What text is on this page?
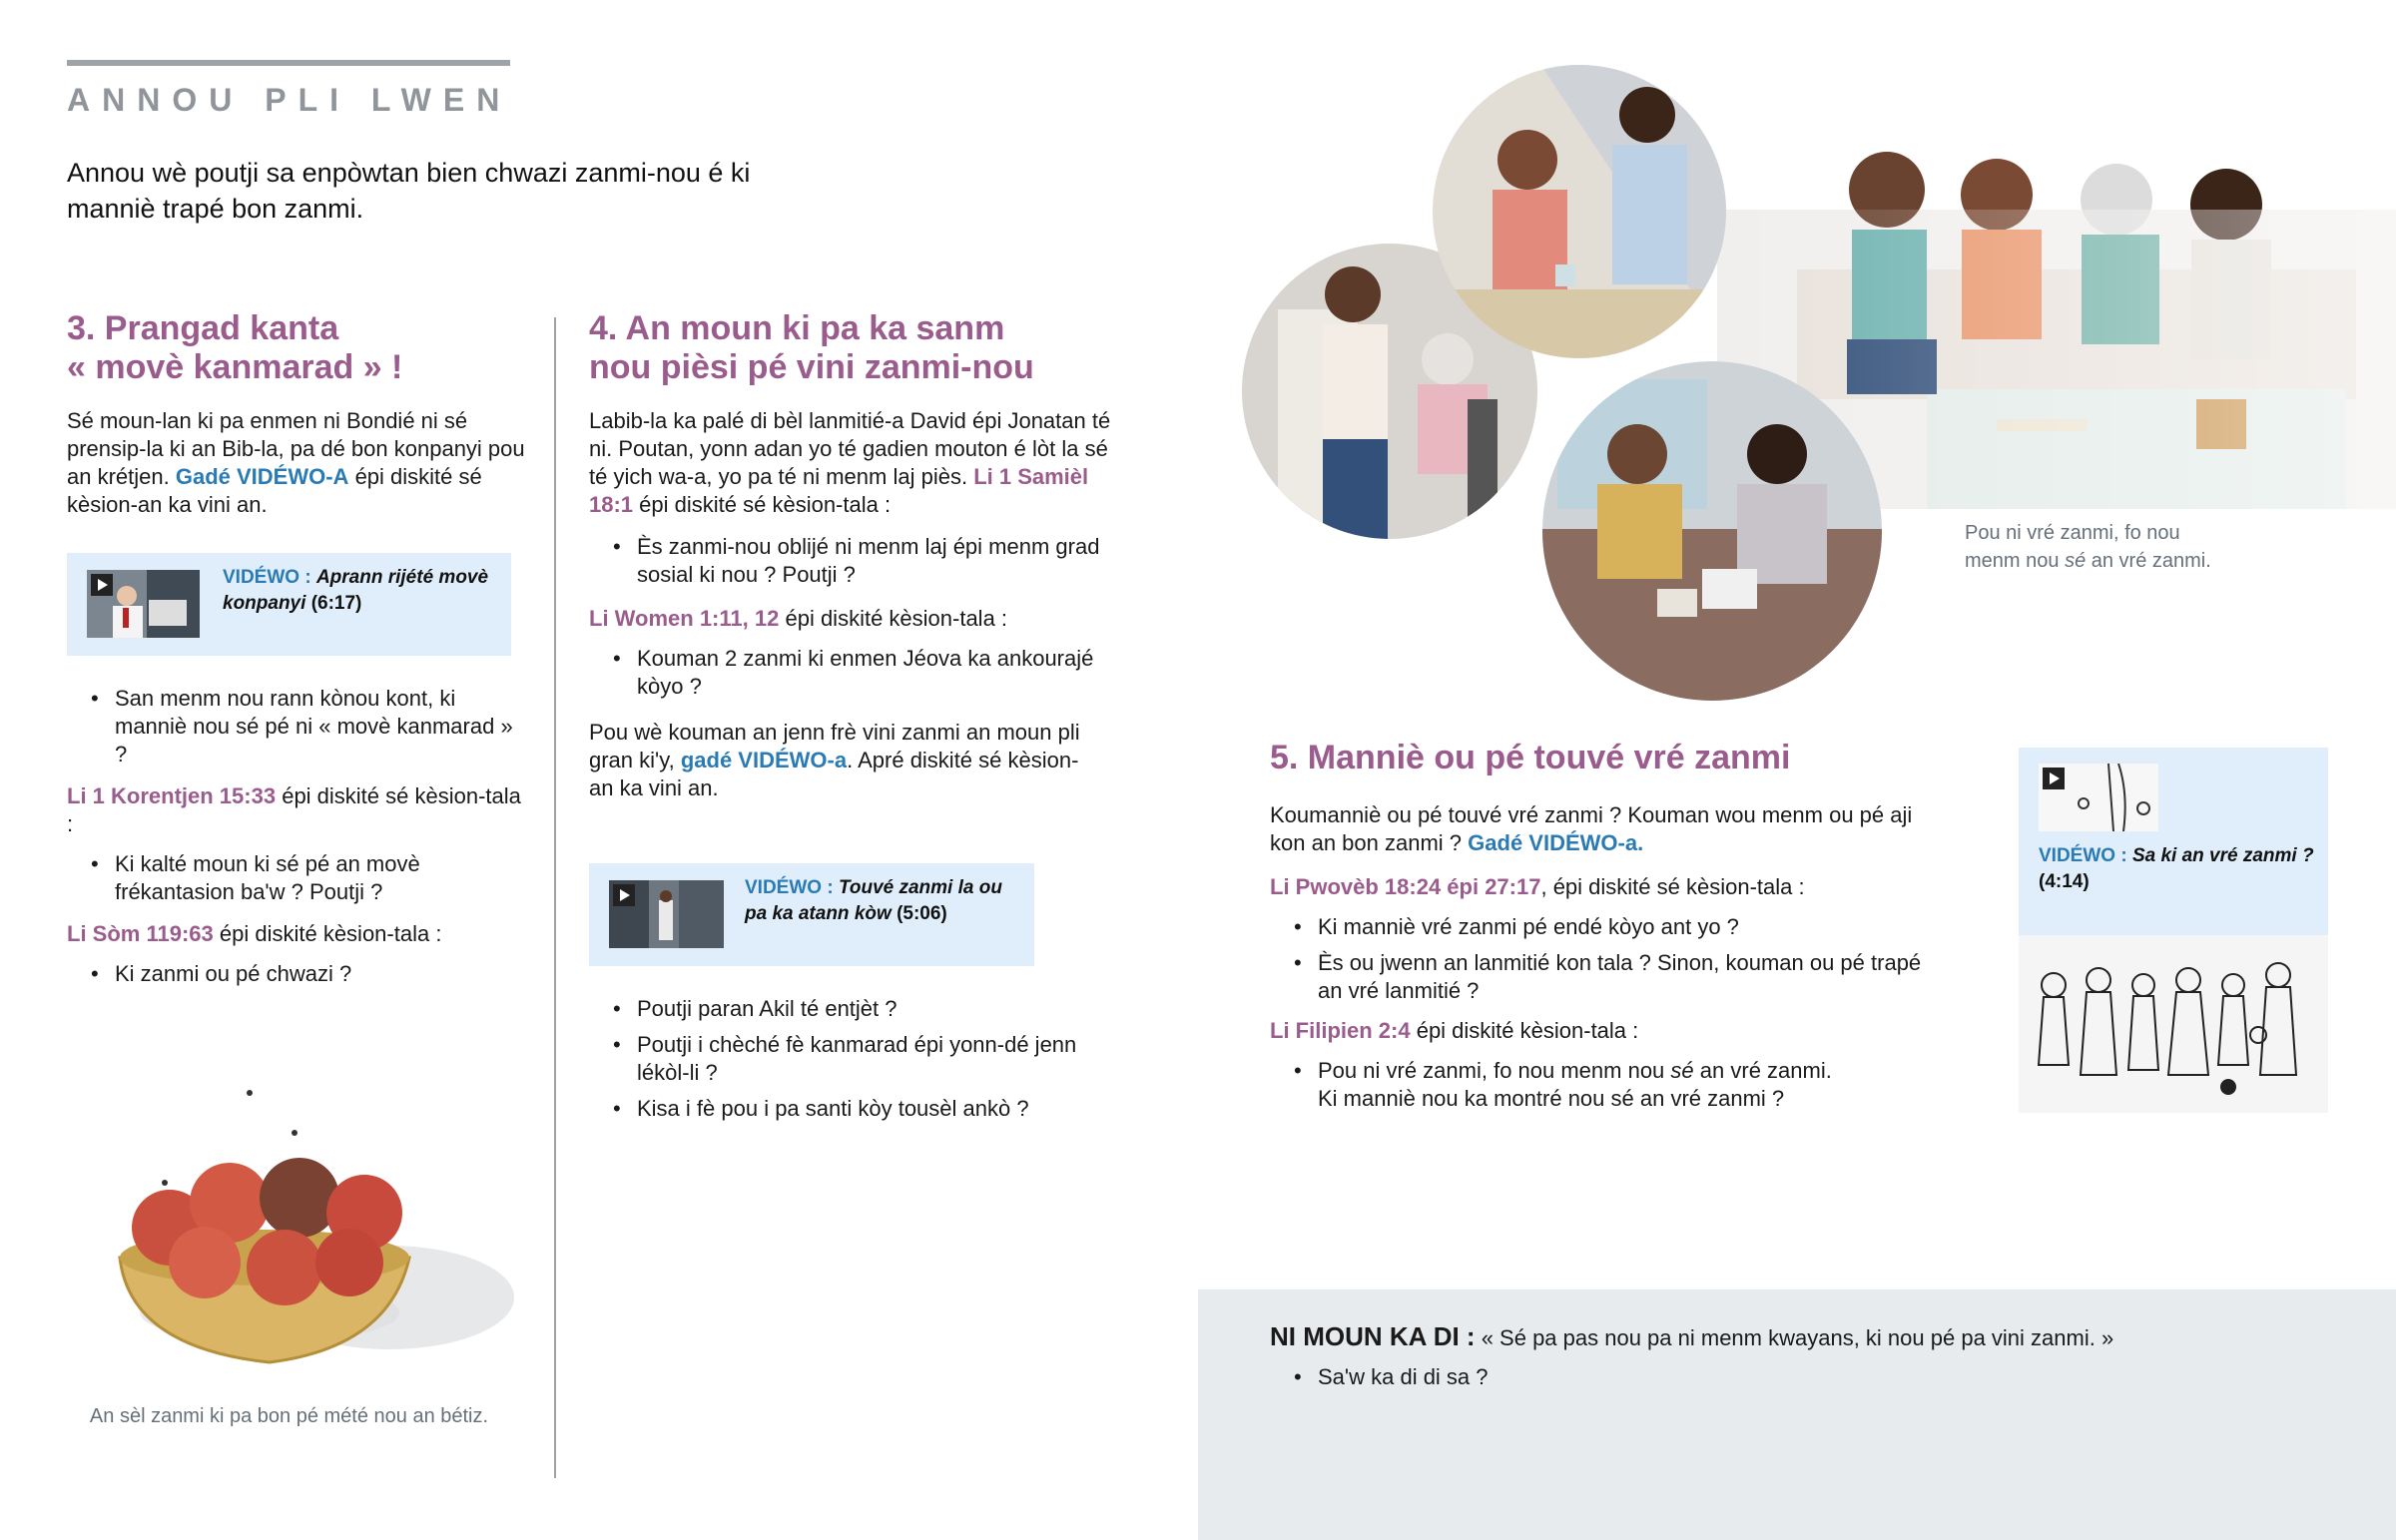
ANNOU PLI LWEN
Annou wè poutji sa enpòwtan bien chwazi zanmi-nou é ki manniè trapé bon zanmi.
3. Prangad kanta
« movè kanmarad » !

Sé moun-lan ki pa enmen ni Bondié ni sé prensip-la ki an Bib-la, pa dé bon konpanyi pou an krétjen. Gadé VIDÉWO-A épi diskité sé kèsion-an ka vini an.

VIDÉWO : Aprann rijété movè konpanyi (6:17)
• San menm nou rann kònou kont, ki manniè nou sé pé ni « movè kanmarad » ?

Li 1 Korentjen 15:33 épi diskité sé kèsion-tala :

• Ki kalté moun ki sé pé an movè frékantasion ba'w ? Poutji ?

Li Sòm 119:63 épi diskité kèsion-tala :

• Ki zanmi ou pé chwazi ?
An sèl zanmi ki pa bon pé mété nou an bétiz.
4. An moun ki pa ka sanm
nou pièsi pé vini zanmi-nou

Labib-la ka palé di bèl lanmitié-a David épi Jonatan té ni. Poutan, yonn adan yo té gadien mouton é lòt la sé té yich wa-a, yo pa té ni menm laj piès. Li 1 Samièl 18:1 épi diskité sé kèsion-tala :

• Ès zanmi-nou oblijé ni menm laj épi menm grad sosial ki nou ? Poutji ?

Li Women 1:11, 12 épi diskité kèsion-tala :

• Kouman 2 zanmi ki enmen Jéova ka ankourajé kòyo ?

Pou wè kouman an jenn frè vini zanmi an moun pli gran ki'y, gadé VIDÉWO-a. Apré diskité sé kèsion-an ka vini an.

VIDÉWO : Touvé zanmi la ou pa ka atann kòw (5:06)
• Poutji paran Akil té entjèt ?
• Poutji i chèché fè kanmarad épi yonn-dé jenn lékòl-li ?
• Kisa i fè pou i pa santi kòy tousèl ankò ?
Pou ni vré zanmi, fo nou
menm nou sé an vré zanmi.
5. Manniè ou pé touvé vré zanmi

Koumanniè ou pé touvé vré zanmi ? Kouman wou menm ou pé aji kon an bon zanmi ? Gadé VIDÉWO-a.

Li Pwovèb 18:24 épi 27:17, épi diskité sé kèsion-tala :

• Ki manniè vré zanmi pé endé kòyo ant yo ?
• Ès ou jwenn an lanmitié kon tala ? Sinon, kouman ou pé trapé an vré lanmitié ?

Li Filipien 2:4 épi diskité kèsion-tala :

• Pou ni vré zanmi, fo nou menm nou sé an vré zanmi.
Ki manniè nou ka montré nou sé an vré zanmi ?
VIDÉWO : Sa ki an vré zanmi ? (4:14)
NI MOUN KA DI : « Sé pa pas nou pa ni menm kwayans, ki nou pé pa vini zanmi. »
• Sa'w ka di di sa ?
